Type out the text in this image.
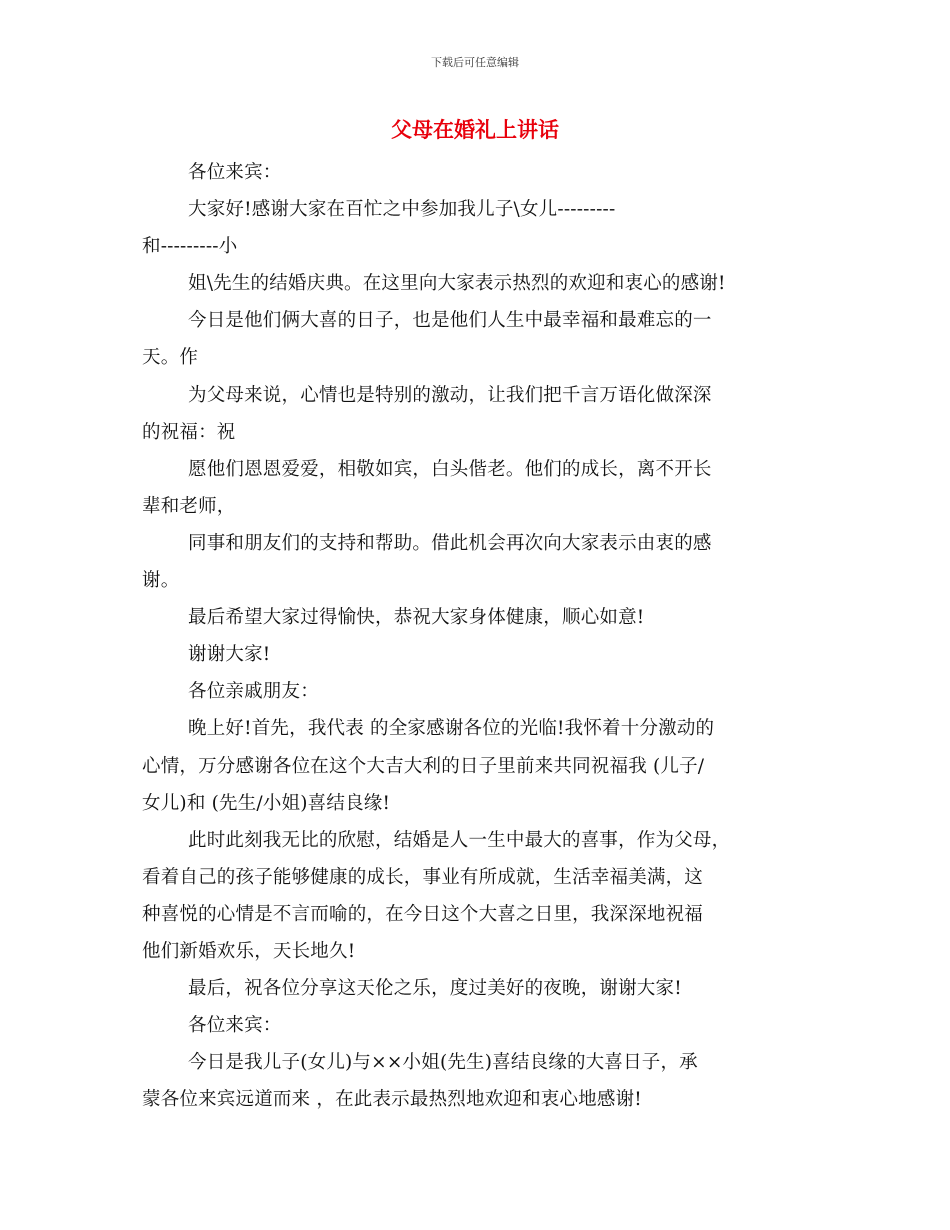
下载后可任意编辑
父母在婚礼上讲话
各位来宾：
大家好!感谢大家在百忙之中参加我儿子\女儿---------
和---------小
姐\先生的结婚庆典。在这里向大家表示热烈的欢迎和衷心的感谢!
今日是他们俩大喜的日子，也是他们人生中最幸福和最难忘的一
天。作
为父母来说，心情也是特别的激动，让我们把千言万语化做深深
的祝福：祝
愿他们恩恩爱爱，相敬如宾，白头偕老。他们的成长，离不开长
辈和老师，
同事和朋友们的支持和帮助。借此机会再次向大家表示由衷的感
谢。
最后希望大家过得愉快，恭祝大家身体健康，顺心如意!
谢谢大家!
各位亲戚朋友：
晚上好!首先，我代表 的全家感谢各位的光临!我怀着十分激动的
心情，万分感谢各位在这个大吉大利的日子里前来共同祝福我 (儿子/
女儿)和 (先生/小姐)喜结良缘!
此时此刻我无比的欣慰，结婚是人一生中最大的喜事，作为父母，
看着自己的孩子能够健康的成长，事业有所成就，生活幸福美满，这
种喜悦的心情是不言而喻的，在今日这个大喜之日里，我深深地祝福
他们新婚欢乐，天长地久!
最后，祝各位分享这天伦之乐，度过美好的夜晚，谢谢大家!
各位来宾：
今日是我儿子(女儿)与××小姐(先生)喜结良缘的大喜日子，承
蒙各位来宾远道而来 ，在此表示最热烈地欢迎和衷心地感谢!
